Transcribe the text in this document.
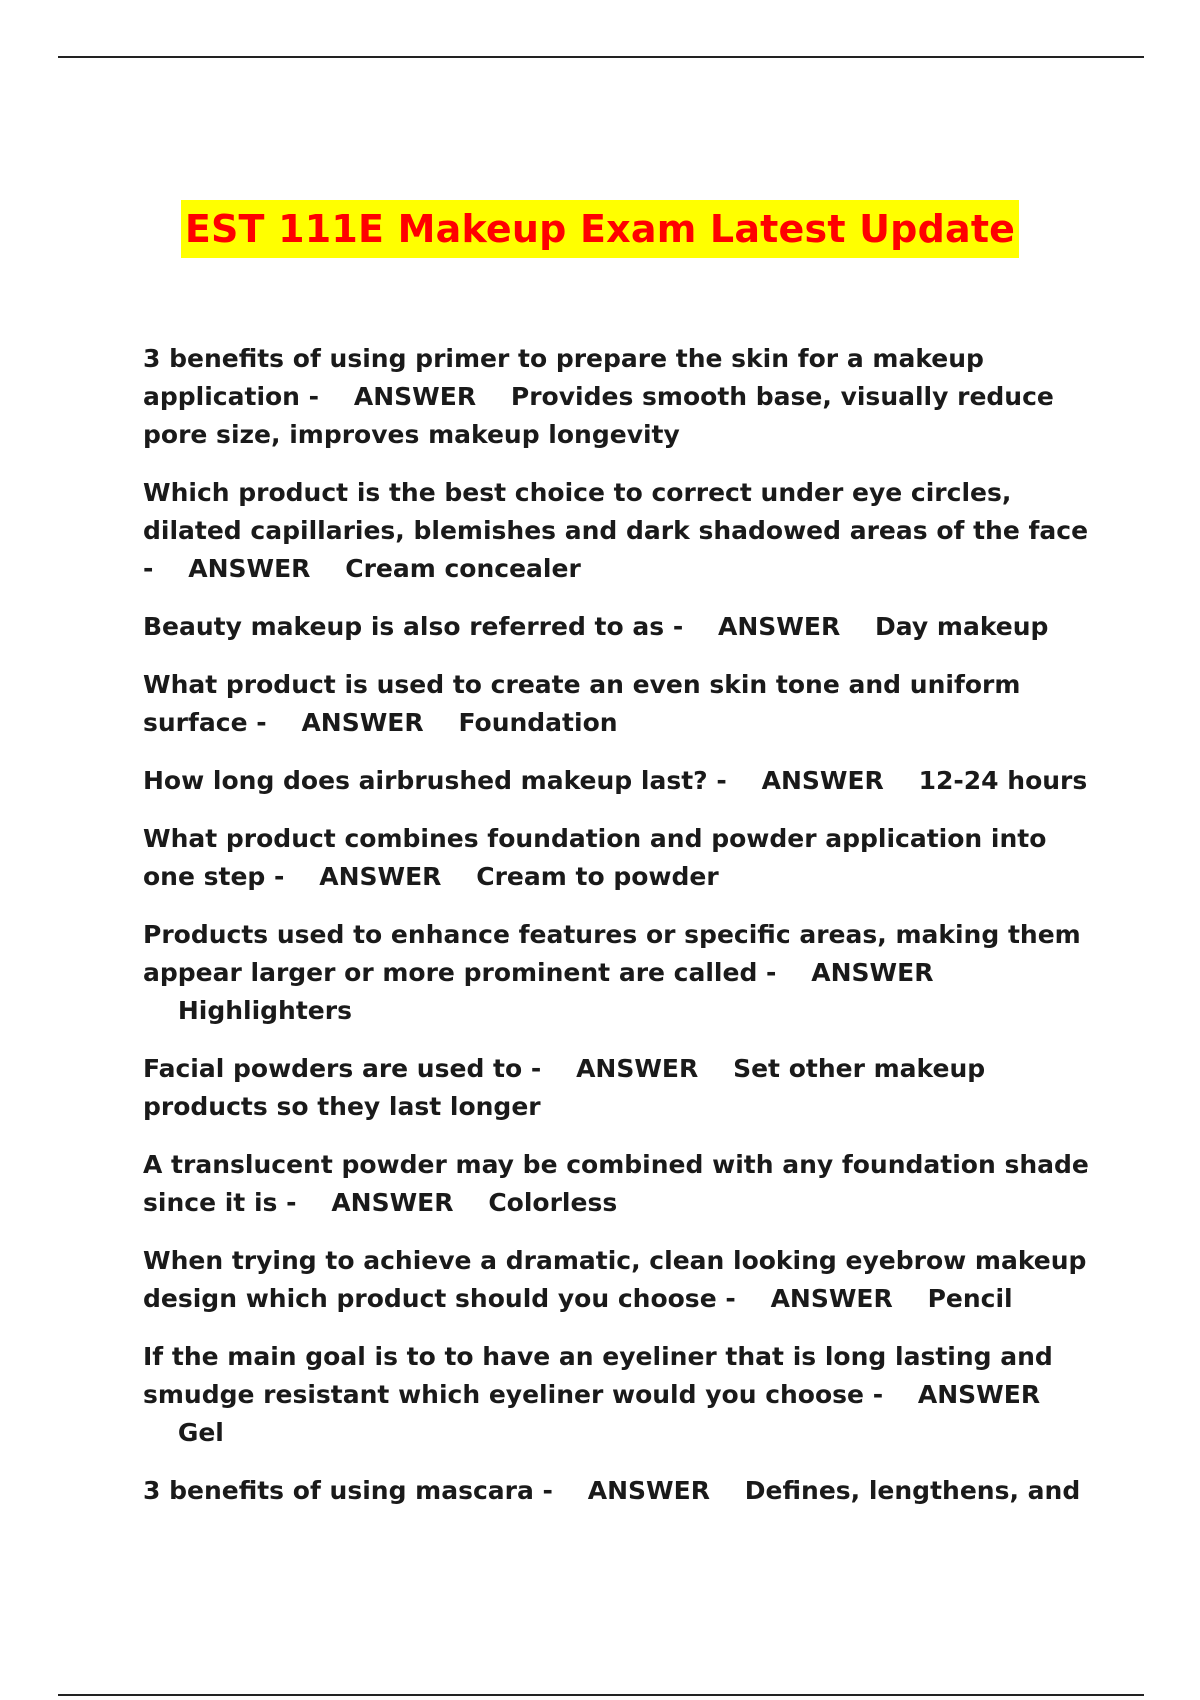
EST 111E Makeup Exam Latest Update
3 benefits of using primer to prepare the skin for a makeup application - ANSWER Provides smooth base, visually reduce pore size, improves makeup longevity
Which product is the best choice to correct under eye circles, dilated capillaries, blemishes and dark shadowed areas of the face - ANSWER Cream concealer
Beauty makeup is also referred to as - ANSWER Day makeup
What product is used to create an even skin tone and uniform surface - ANSWER Foundation
How long does airbrushed makeup last? - ANSWER 12-24 hours
What product combines foundation and powder application into one step - ANSWER Cream to powder
Products used to enhance features or specific areas, making them appear larger or more prominent are called - ANSWER    Highlighters
Facial powders are used to - ANSWER Set other makeup products so they last longer
A translucent powder may be combined with any foundation shade since it is - ANSWER Colorless
When trying to achieve a dramatic, clean looking eyebrow makeup design which product should you choose - ANSWER Pencil
If the main goal is to to have an eyeliner that is long lasting and smudge resistant which eyeliner would you choose - ANSWER    Gel
3 benefits of using mascara - ANSWER Defines, lengthens, and
